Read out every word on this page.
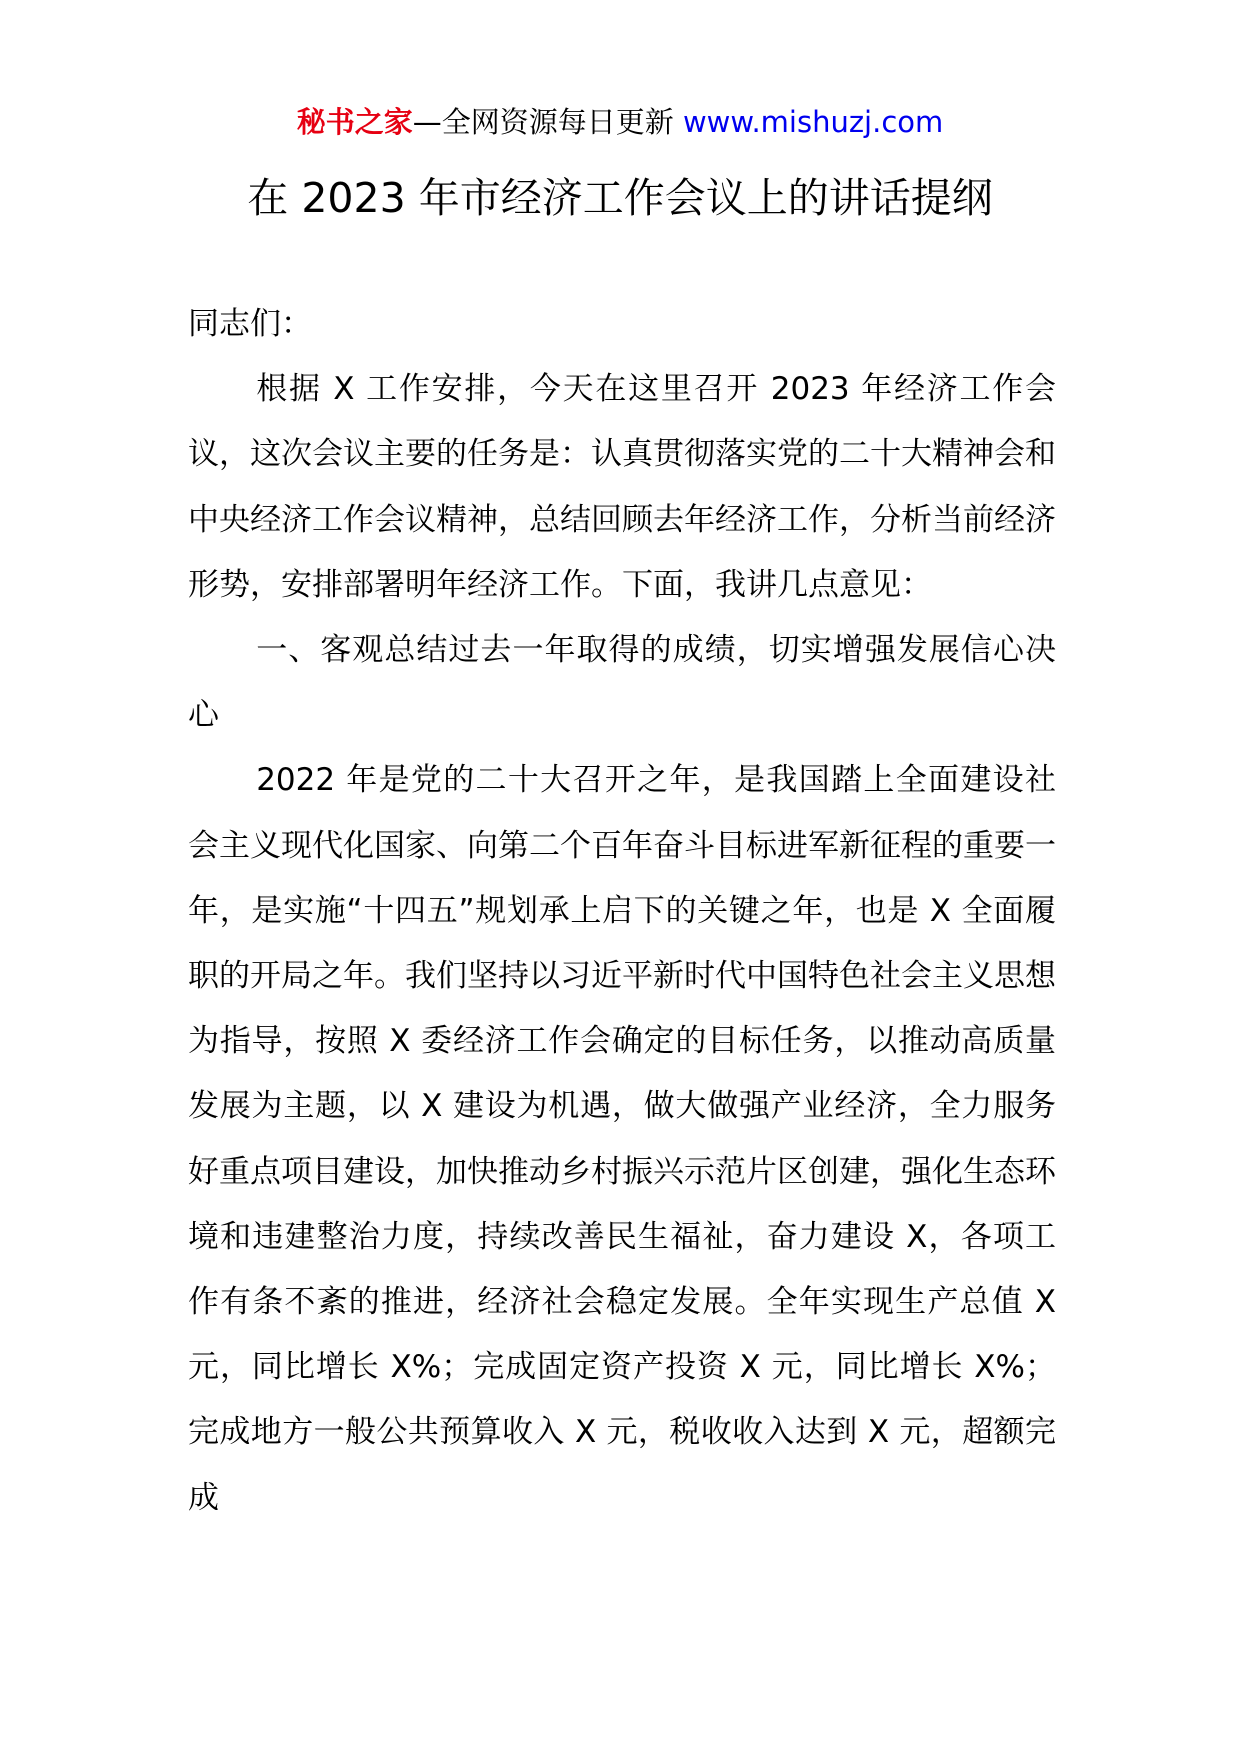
秘书之家—全网资源每日更新 www.mishuzj.com
在 2023 年市经济工作会议上的讲话提纲

同志们：

根据 X 工作安排，今天在这里召开 2023 年经济工作会议，这次会议主要的任务是：认真贯彻落实党的二十大精神会和中央经济工作会议精神，总结回顾去年经济工作，分析当前经济形势，安排部署明年经济工作。下面，我讲几点意见：

一、客观总结过去一年取得的成绩，切实增强发展信心决心

2022 年是党的二十大召开之年，是我国踏上全面建设社会主义现代化国家、向第二个百年奋斗目标进军新征程的重要一年，是实施“十四五”规划承上启下的关键之年，也是 X 全面履职的开局之年。我们坚持以习近平新时代中国特色社会主义思想为指导，按照 X 委经济工作会确定的目标任务，以推动高质量发展为主题，以 X 建设为机遇，做大做强产业经济，全力服务好重点项目建设，加快推动乡村振兴示范片区创建，强化生态环境和违建整治力度，持续改善民生福祉，奋力建设 X，各项工作有条不紊的推进，经济社会稳定发展。全年实现生产总值 X 元，同比增长 X%；完成固定资产投资 X 元，同比增长 X%；完成地方一般公共预算收入 X 元，税收收入达到 X 元，超额完成
